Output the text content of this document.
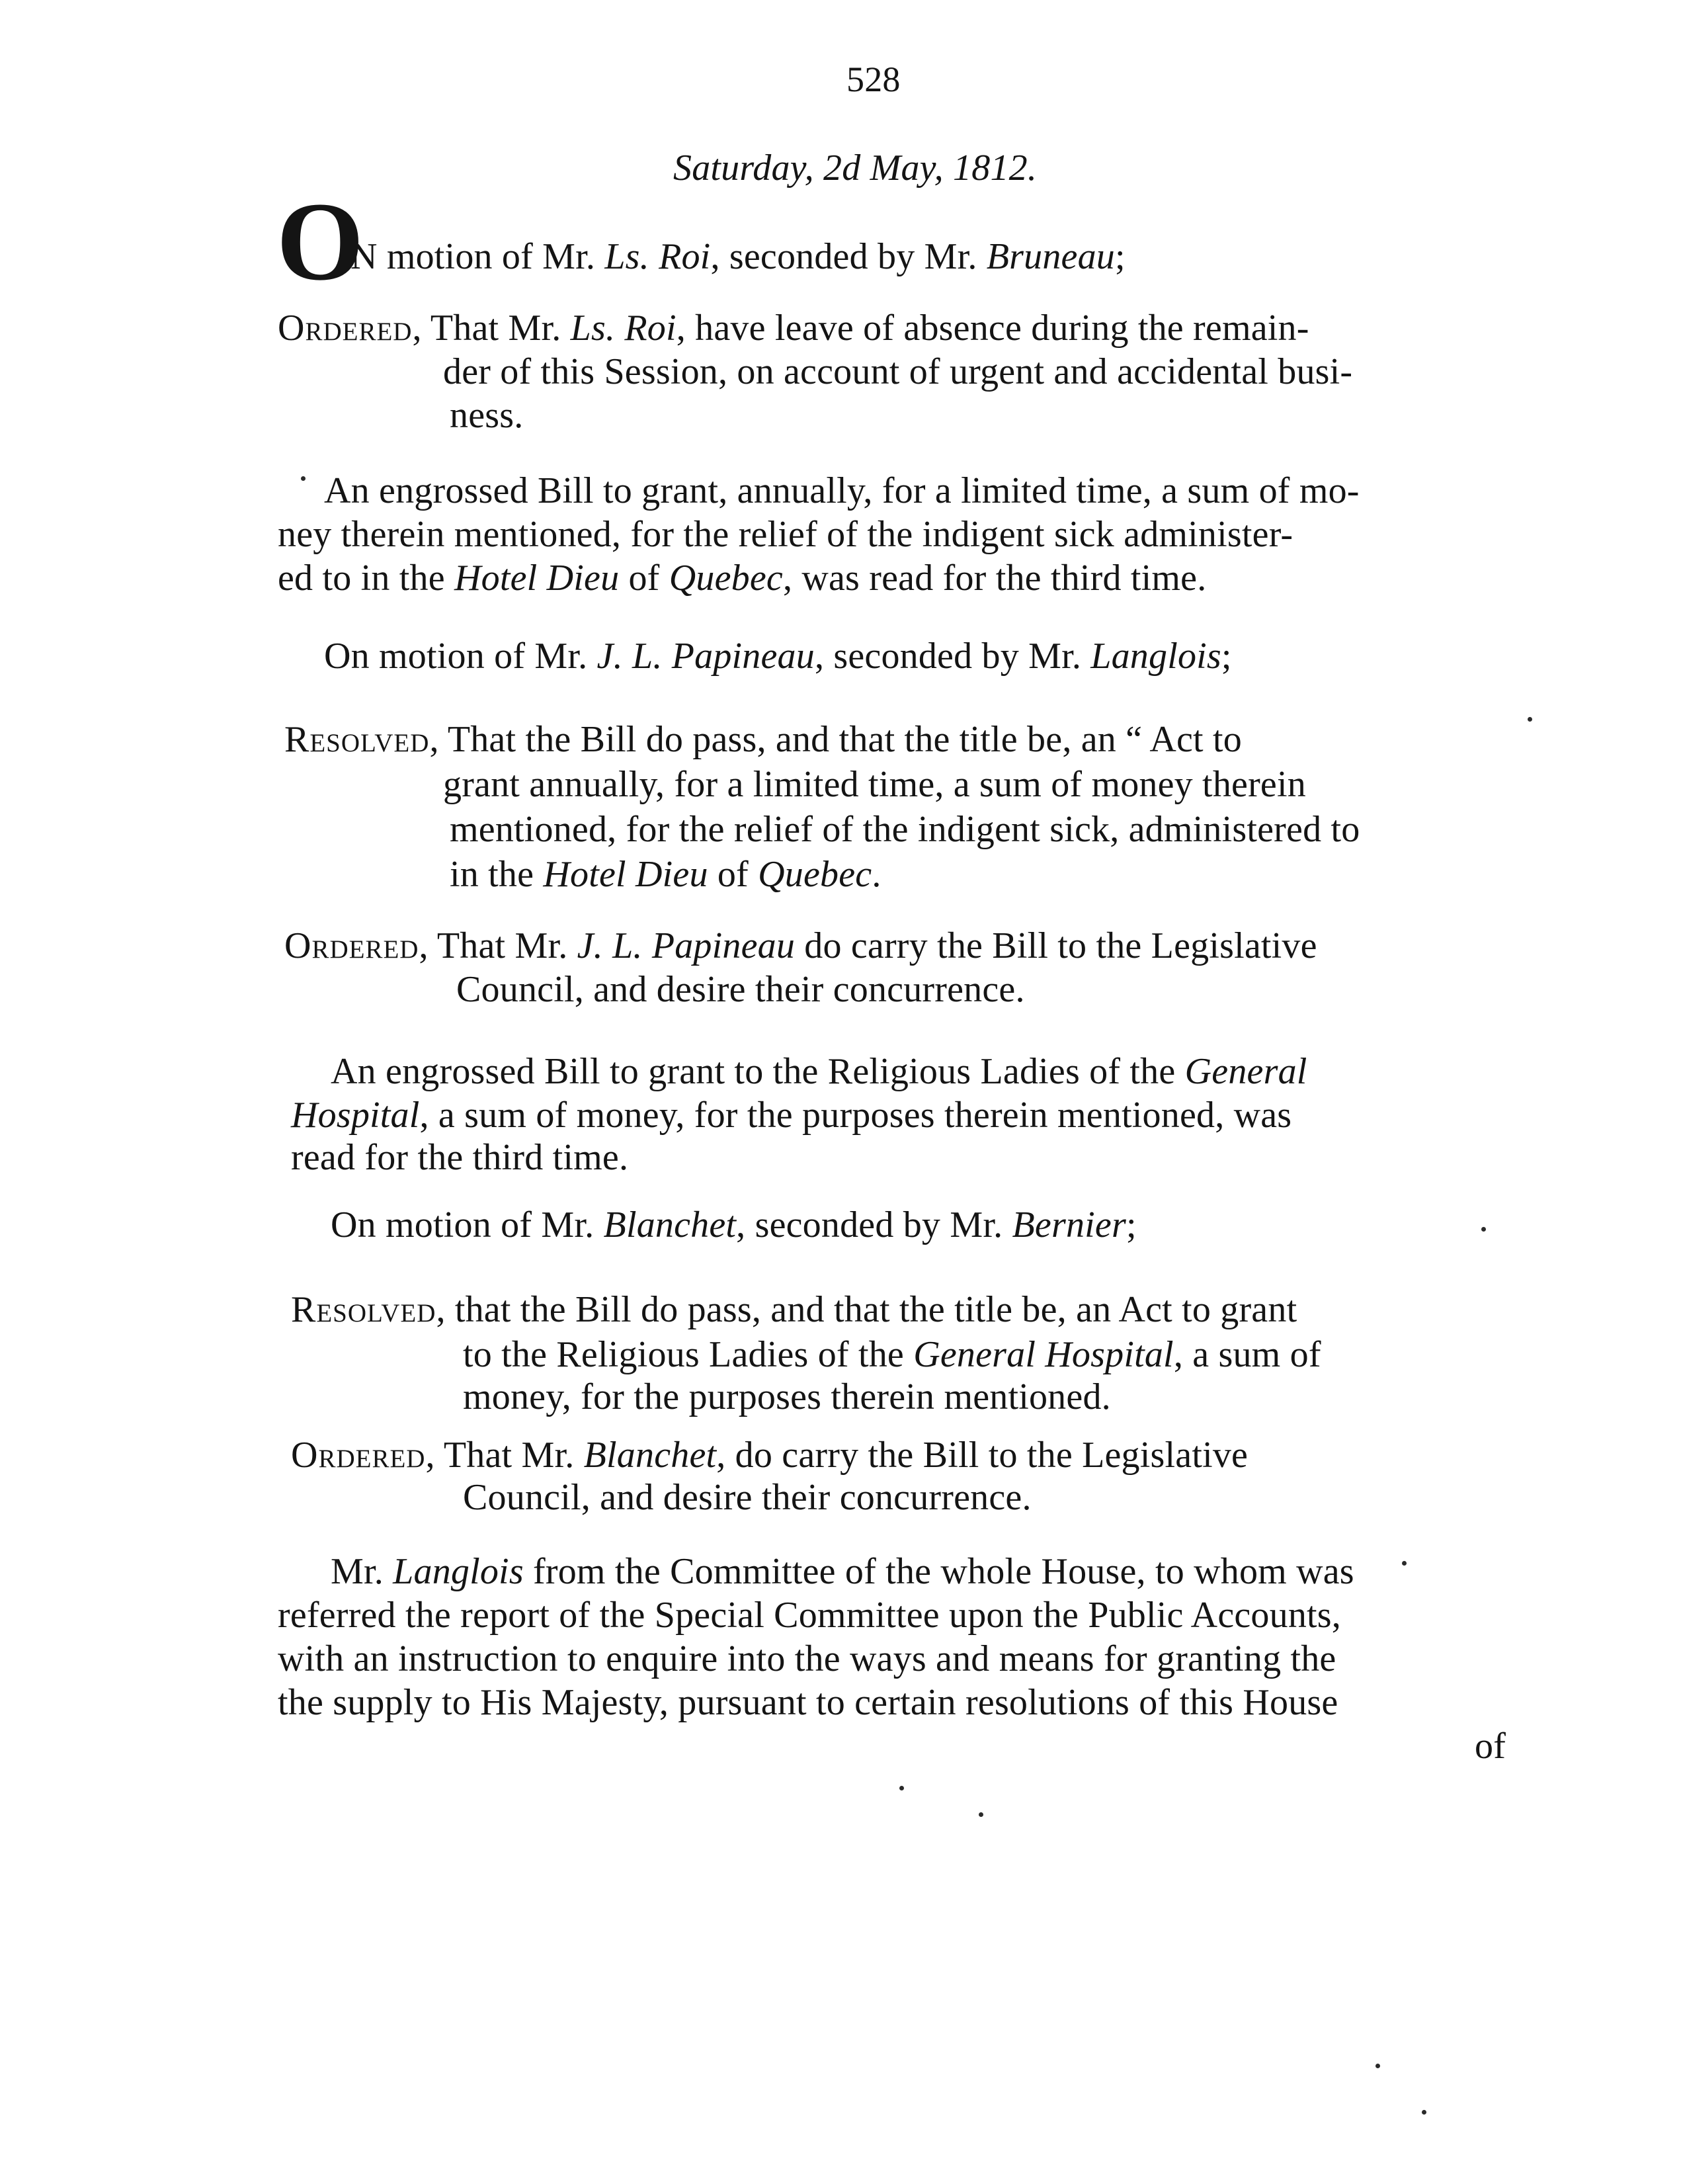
528
Saturday, 2d May, 1812.
O
N motion of Mr. Ls. Roi, seconded by Mr. Bruneau;
Ordered, That Mr. Ls. Roi, have leave of absence during the remain-
der of this Session, on account of urgent and accidental busi-
ness.
An engrossed Bill to grant, annually, for a limited time, a sum of mo-
ney therein mentioned, for the relief of the indigent sick administer-
ed to in the Hotel Dieu of Quebec, was read for the third time.
On motion of Mr. J. L. Papineau, seconded by Mr. Langlois;
Resolved, That the Bill do pass, and that the title be, an “ Act to
grant annually, for a limited time, a sum of money therein
mentioned, for the relief of the indigent sick, administered to
in the Hotel Dieu of Quebec.
Ordered, That Mr. J. L. Papineau do carry the Bill to the Legislative
Council, and desire their concurrence.
An engrossed Bill to grant to the Religious Ladies of the General
Hospital, a sum of money, for the purposes therein mentioned, was
read for the third time.
On motion of Mr. Blanchet, seconded by Mr. Bernier;
Resolved, that the Bill do pass, and that the title be, an Act to grant
to the Religious Ladies of the General Hospital, a sum of
money, for the purposes therein mentioned.
Ordered, That Mr. Blanchet, do carry the Bill to the Legislative
Council, and desire their concurrence.
Mr. Langlois from the Committee of the whole House, to whom was
referred the report of the Special Committee upon the Public Accounts,
with an instruction to enquire into the ways and means for granting the
the supply to His Majesty, pursuant to certain resolutions of this House
of
